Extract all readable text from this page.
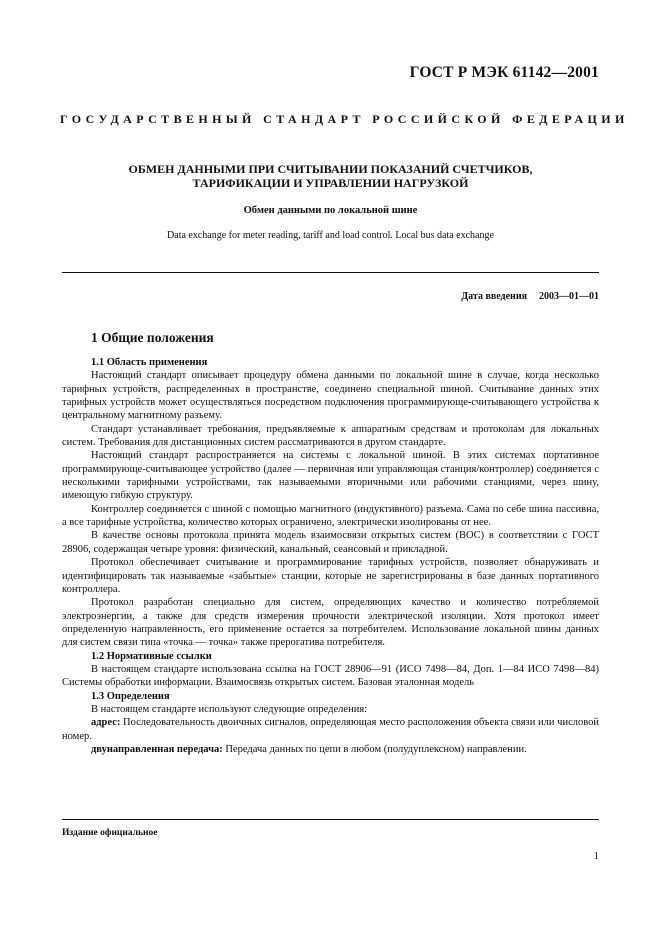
ГОСТ Р МЭК 61142—2001
ГОСУДАРСТВЕННЫЙ СТАНДАРТ РОССИЙСКОЙ ФЕДЕРАЦИИ
ОБМЕН ДАННЫМИ ПРИ СЧИТЫВАНИИ ПОКАЗАНИЙ СЧЕТЧИКОВ,
ТАРИФИКАЦИИ И УПРАВЛЕНИИ НАГРУЗКОЙ
Обмен данными по локальной шине
Data exchange for meter reading, tariff and load control. Local bus data exchange
Дата введения 2003—01—01
1 Общие положения

1.1 Область применения

Настоящий стандарт описывает процедуру обмена данными по локальной шине в случае, когда несколько тарифных устройств, распределенных в пространстве, соединено специальной шиной. Считывание данных этих тарифных устройств может осуществляться посредством подключения программирующе-считывающего устройства к центральному магнитному разъему.

Стандарт устанавливает требования, предъявляемые к аппаратным средствам и протоколам для локальных систем. Требования для дистанционных систем рассматриваются в другом стандарте.

Настоящий стандарт распространяется на системы с локальной шиной. В этих системах портативное программирующе-считывающее устройство (далее — первичная или управляющая станция/контроллер) соединяется с несколькими тарифными устройствами, так называемыми вторичными или рабочими станциями, через шину, имеющую гибкую структуру.

Контроллер соединяется с шиной с помощью магнитного (индуктивного) разъема. Сама по себе шина пассивна, а все тарифные устройства, количество которых ограничено, электрически изолированы от нее.

В качестве основы протокола принята модель взаимосвязи открытых систем (ВОС) в соответствии с ГОСТ 28906, содержащая четыре уровня: физический, канальный, сеансовый и прикладной.

Протокол обеспечивает считывание и программирование тарифных устройств, позволяет обнаруживать и идентифицировать так называемые «забытые» станции, которые не зарегистрированы в базе данных портативного контроллера.

Протокол разработан специально для систем, определяющих качество и количество потребляемой электроэнергии, а также для средств измерения прочности электрической изоляции. Хотя протокол имеет определенную направленность, его применение остается за потребителем. Использование локальной шины данных для систем связи типа «точка — точка» также прерогатива потребителя.

1.2 Нормативные ссылки

В настоящем стандарте использована ссылка на ГОСТ 28906—91 (ИСО 7498—84, Доп. 1—84 ИСО 7498—84) Системы обработки информации. Взаимосвязь открытых систем. Базовая эталонная модель

1.3 Определения

В настоящем стандарте используют следующие определения:

адрес: Последовательность двоичных сигналов, определяющая место расположения объекта связи или числовой номер.

двунаправленная передача: Передача данных по цепи в любом (полудуплексном) направлении.

Издание официальное
1
